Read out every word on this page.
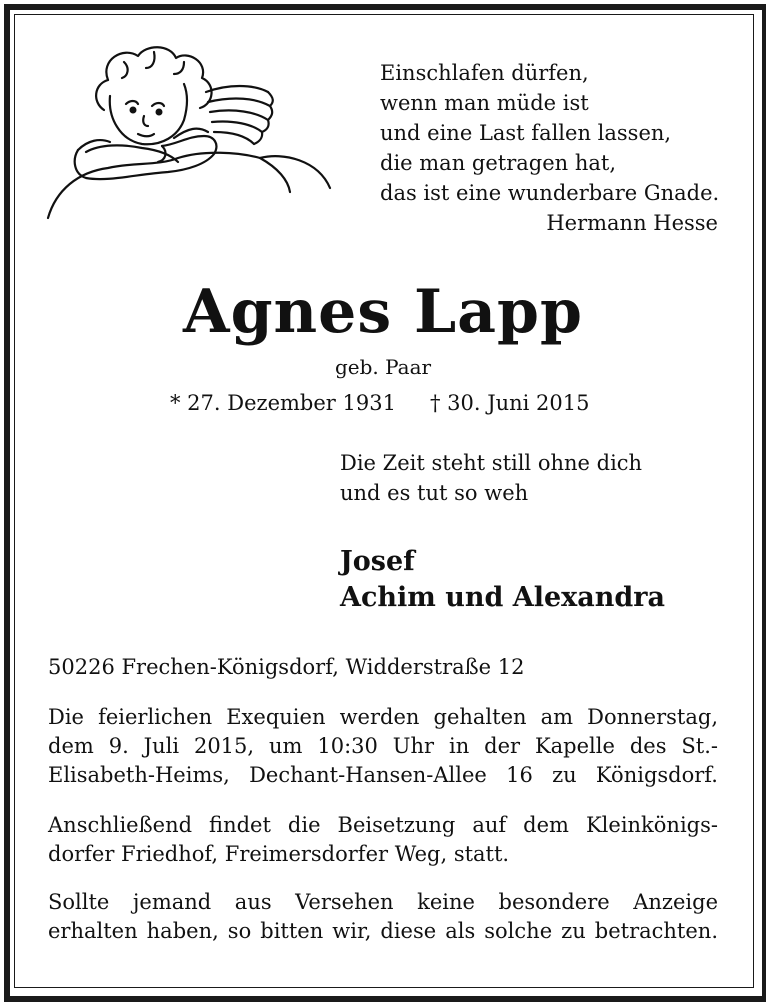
Einschlafen dürfen,
wenn man müde ist
und eine Last fallen lassen,
die man getragen hat,
das ist eine wunderbare Gnade.
Hermann Hesse
Agnes Lapp
geb. Paar
* 27. Dezember 1931 † 30. Juni 2015
Die Zeit steht still ohne dich
und es tut so weh
Josef
Achim und Alexandra
50226 Frechen-Königsdorf, Widderstraße 12
Die feierlichen Exequien werden gehalten am Donnerstag,
dem 9. Juli 2015, um 10:30 Uhr in der Kapelle des St.-
Elisabeth-Heims, Dechant-Hansen-Allee 16 zu Königsdorf.
Anschließend findet die Beisetzung auf dem Kleinkönigs-
dorfer Friedhof, Freimersdorfer Weg, statt.
Sollte jemand aus Versehen keine besondere Anzeige
erhalten haben, so bitten wir, diese als solche zu betrachten.
